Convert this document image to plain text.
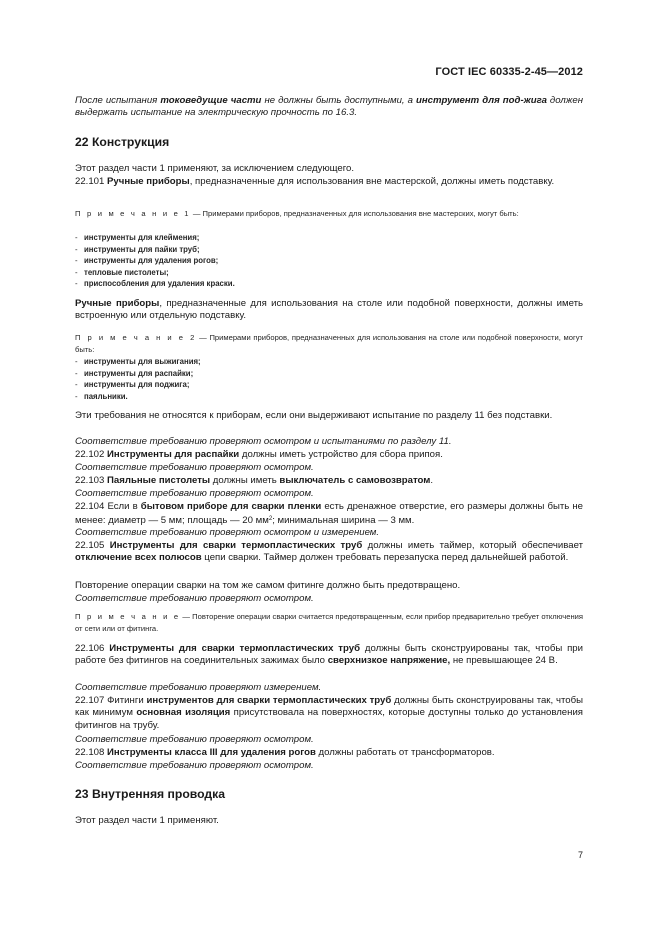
ГОСТ IEC 60335-2-45—2012
После испытания токоведущие части не должны быть доступными, а инструмент для под-жига должен выдержать испытание на электрическую прочность по 16.3.
22 Конструкция
Этот раздел части 1 применяют, за исключением следующего.
22.101 Ручные приборы, предназначенные для использования вне мастерской, должны иметь подставку.
П р и м е ч а н и е 1 — Примерами приборов, предназначенных для использования вне мастерских, могут быть:
- инструменты для клеймения;
- инструменты для пайки труб;
- инструменты для удаления рогов;
- тепловые пистолеты;
- приспособления для удаления краски.
Ручные приборы, предназначенные для использования на столе или подобной поверхности, должны иметь встроенную или отдельную подставку.
П р и м е ч а н и е 2 — Примерами приборов, предназначенных для использования на столе или подобной поверхности, могут быть:
- инструменты для выжигания;
- инструменты для распайки;
- инструменты для поджига;
- паяльники.
Эти требования не относятся к приборам, если они выдерживают испытание по разделу 11 без подставки.
Соответствие требованию проверяют осмотром и испытаниями по разделу 11.
22.102 Инструменты для распайки должны иметь устройство для сбора припоя.
Соответствие требованию проверяют осмотром.
22.103 Паяльные пистолеты должны иметь выключатель с самовозвратом.
Соответствие требованию проверяют осмотром.
22.104 Если в бытовом приборе для сварки пленки есть дренажное отверстие, его размеры должны быть не менее: диаметр — 5 мм; площадь — 20 $мм^2$; минимальная ширина — 3 мм.
Соответствие требованию проверяют осмотром и измерением.
22.105 Инструменты для сварки термопластических труб должны иметь таймер, который обеспечивает отключение всех полюсов цепи сварки. Таймер должен требовать перезапуска перед дальнейшей работой.
Повторение операции сварки на том же самом фитинге должно быть предотвращено.
Соответствие требованию проверяют осмотром.
П р и м е ч а н и е — Повторение операции сварки считается предотвращенным, если прибор предварительно требует отключения от сети или от фитинга.
22.106 Инструменты для сварки термопластических труб должны быть сконструированы так, чтобы при работе без фитингов на соединительных зажимах было сверхнизкое напряжение, не превышающее 24 В.
Соответствие требованию проверяют измерением.
22.107 Фитинги инструментов для сварки термопластических труб должны быть сконструированы так, чтобы как минимум основная изоляция присутствовала на поверхностях, которые доступны только до установления фитингов на трубу.
Соответствие требованию проверяют осмотром.
22.108 Инструменты класса III для удаления рогов должны работать от трансформаторов.
Соответствие требованию проверяют осмотром.
23 Внутренняя проводка
Этот раздел части 1 применяют.
7
